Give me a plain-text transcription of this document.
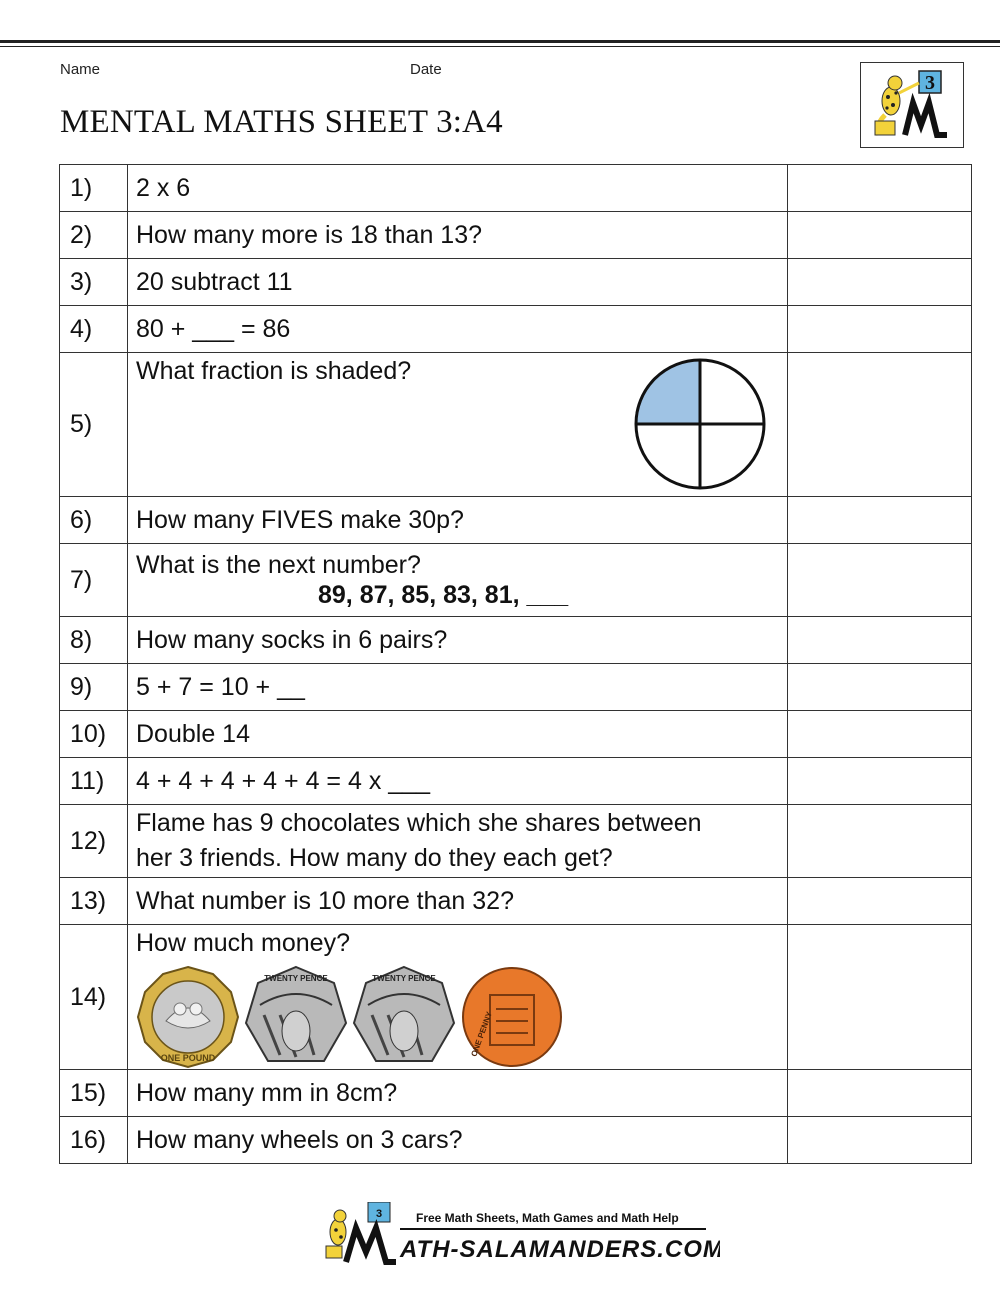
Name	Date
MENTAL MATHS SHEET 3:A4
3
1)	2 x 6	
2)	How many more is 18 than 13?	
3)	20 subtract 11	
4)	80 + ___ = 86	
5)	What fraction is shaded?	

6)	How many FIVES make 30p?	
7)	What is the next number?
89, 87, 85, 83, 81, ___	

8)	How many socks in 6 pairs?	
9)	5 + 7 = 10 + __	
10)	Double 14	
11)	4 + 4 + 4 + 4 + 4 = 4 x ___	
12)	Flame has 9 chocolates which she shares between
her 3 friends. How many do they each get?	

13)	What number is 10 more than 32?	
14)	How much money?
ONE POUND
TWENTY PENCE TWENTY PENCE
ONE PENNY	

15)	How many mm in 8cm?	
16)	How many wheels on 3 cars?	
3	Free Math Sheets, Math Games and Math Help
ATH-SALAMANDERS.COM
